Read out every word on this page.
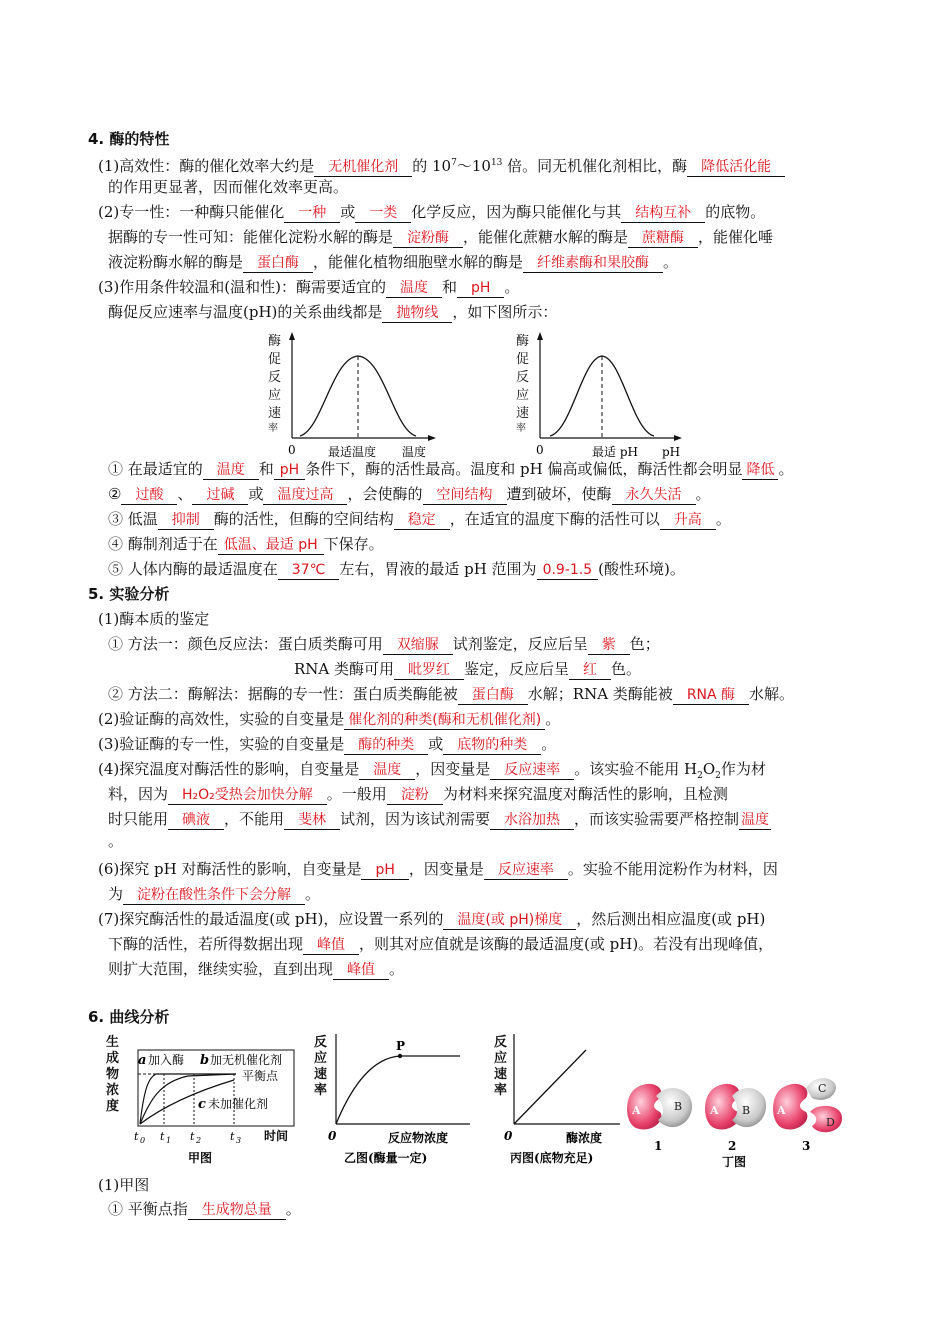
4. 酶的特性
(1)高效性：酶的催化效率大约是 无机催化剂 的 $10^7\sim 10^{13}$ 倍。同无机催化剂相比，酶 降低活化能
的作用更显著，因而催化效率更高。
(2)专一性：一种酶只能催化 一种 或 一类 化学反应，因为酶只能催化与其 结构互补 的底物。
据酶的专一性可知：能催化淀粉水解的酶是 淀粉酶 ，能催化蔗糖水解的酶是 蔗糖酶 ，能催化唾
液淀粉酶水解的酶是 蛋白酶 ，能催化植物细胞壁水解的酶是 纤维素酶和果胶酶 。
(3)作用条件较温和(温和性)：酶需要适宜的 温度 和 pH 。
酶促反应速率与温度(pH)的关系曲线都是 抛物线 ，如下图所示：
酶
促
反
应
速
率
0	最适温度 温度
酶
促
反
应
速
率
0	最适 pH pH
① 在最适宜的 温度 和 pH 条件下，酶的活性最高。温度和 pH 偏高或偏低，酶活性都会明显 降低 。
② 过酸 、 过碱 或 温度过高 ，会使酶的 空间结构 遭到破坏，使酶 永久失活 。
③ 低温 抑制 酶的活性，但酶的空间结构 稳定 ，在适宜的温度下酶的活性可以 升高 。
④ 酶制剂适于在 低温、最适 pH 下保存。
⑤ 人体内酶的最适温度在 37℃ 左右，胃液的最适 pH 范围为 0.9-1.5 (酸性环境)。
5. 实验分析
(1)酶本质的鉴定
① 方法一：颜色反应法：蛋白质类酶可用 双缩脲 试剂鉴定，反应后呈 紫 色；
RNA 类酶可用 吡罗红 鉴定，反应后呈 红 色。
② 方法二：酶解法：据酶的专一性：蛋白质类酶能被 蛋白酶 水解；RNA 类酶能被 RNA 酶 水解。
(2)验证酶的高效性，实验的自变量是 催化剂的种类(酶和无机催化剂) 。
(3)验证酶的专一性，实验的自变量是 酶的种类 或 底物的种类 。
(4)探究温度对酶活性的影响，自变量是 温度 ，因变量是 反应速率 。该实验不能用 $H_2O_2$作为材
料，因为 H₂O₂受热会加快分解 。一般用 淀粉 为材料来探究温度对酶活性的影响，且检测
时只能用 碘液 ，不能用 斐林 试剂，因为该试剂需要 水浴加热 ，而该实验需要严格控制 温度
。
(6)探究 pH 对酶活性的影响，自变量是 pH ，因变量是 反应速率 。实验不能用淀粉作为材料，因
为 淀粉在酸性条件下会分解 。
(7)探究酶活性的最适温度(或 pH)，应设置一系列的 温度(或 pH)梯度 ，然后测出相应温度(或 pH)
下酶的活性，若所得数据出现 峰值 ，则其对应值就是该酶的最适温度(或 pH)。若没有出现峰值，
则扩大范围，继续实验，直到出现 峰值 。
6. 曲线分析
生
成
物
浓
度
a 加入酶 b 加无机催化剂
平衡点
c 未加催化剂
t 0 t 1 t 2	t 3 时间
甲图
反
应
速
率
P
0	反应物浓度
乙图(酶量一定)
反
应
速
率
0	酶浓度
丙图(底物充足)
A	B
1
A B
2
丁图
A
C
D
3
(1)甲图
① 平衡点指 生成物总量 。
